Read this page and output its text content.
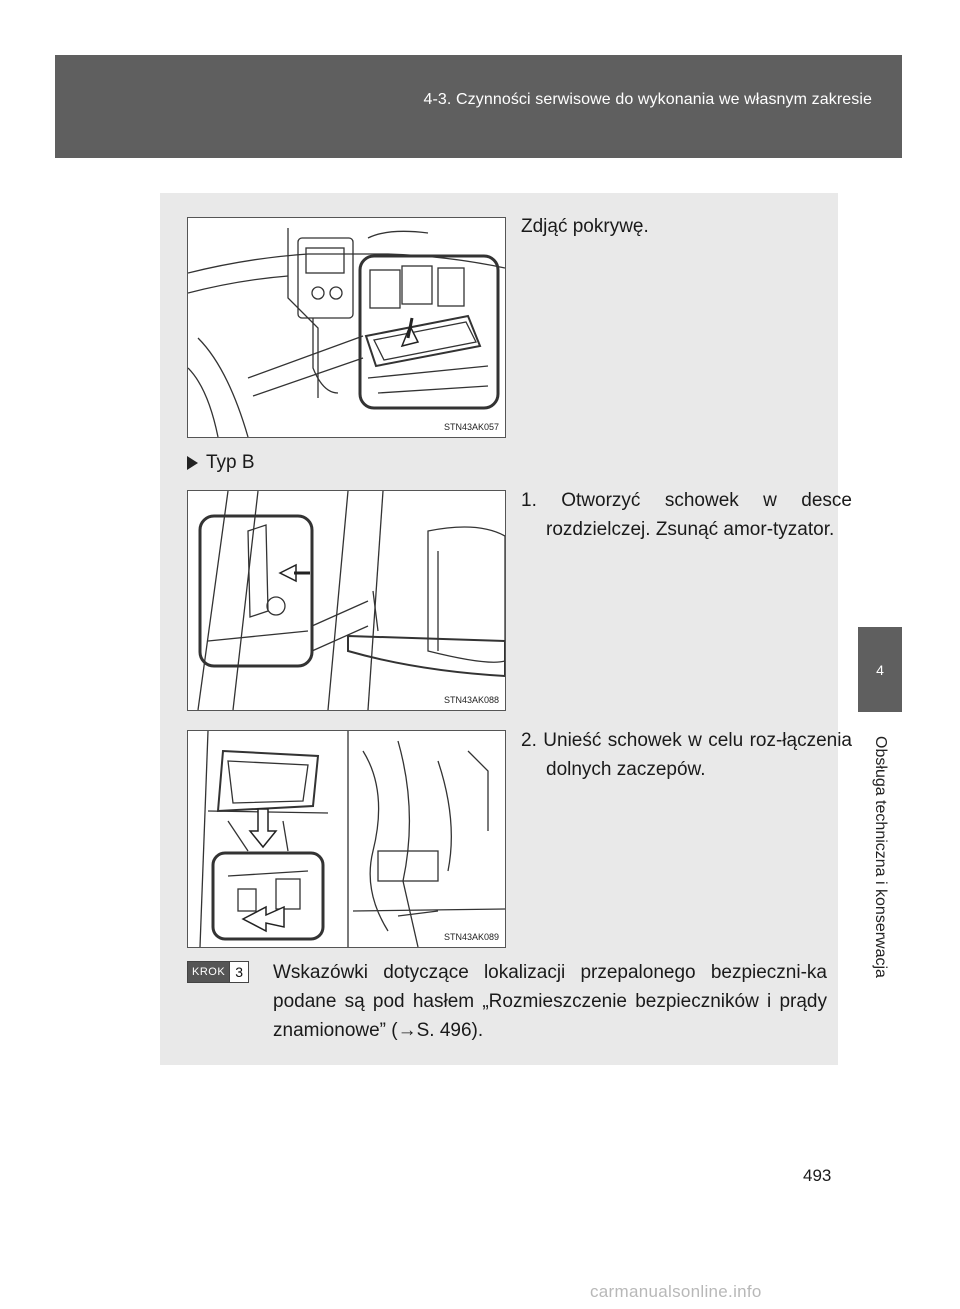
4-3. Czynności serwisowe do wykonania we własnym zakresie
4
Obsługa techniczna i konserwacja
STN43AK057
Zdjąć pokrywę.
Typ B
STN43AK088
1. Otworzyć schowek w desce rozdzielczej. Zsunąć amor-tyzator.
STN43AK089
2. Unieść schowek w celu roz-łączenia dolnych zaczepów.
KROK 3 Wskazówki dotyczące lokalizacji przepalonego bezpieczni-ka podane są pod hasłem „Rozmieszczenie bezpieczników i prądy znamionowe” (→S. 496).
493
carmanualsonline.info
